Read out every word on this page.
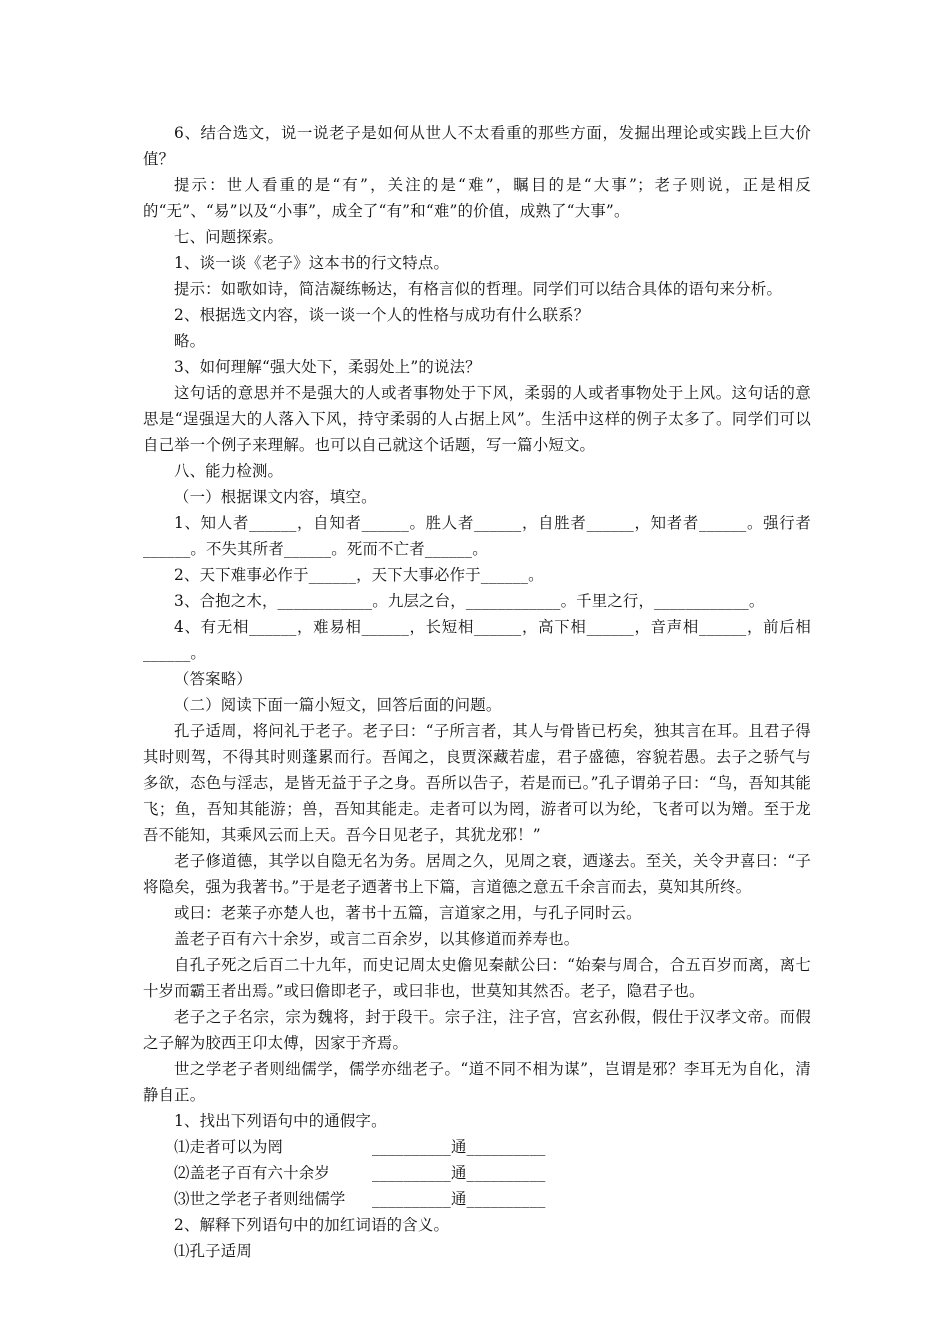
6、结合选文，说一说老子是如何从世人不太看重的那些方面，发掘出理论或实践上巨大价值？

提示：世人看重的是“有”，关注的是“难”，瞩目的是“大事”；老子则说，正是相反的“无”、“易”以及“小事”，成全了“有”和“难”的价值，成熟了“大事”。

七、问题探索。

1、谈一谈《老子》这本书的行文特点。

提示：如歌如诗，简洁凝练畅达，有格言似的哲理。同学们可以结合具体的语句来分析。

2、根据选文内容，谈一谈一个人的性格与成功有什么联系？

略。

3、如何理解“强大处下，柔弱处上”的说法？

这句话的意思并不是强大的人或者事物处于下风，柔弱的人或者事物处于上风。这句话的意思是“逞强逞大的人落入下风，持守柔弱的人占据上风”。生活中这样的例子太多了。同学们可以自己举一个例子来理解。也可以自己就这个话题，写一篇小短文。

八、能力检测。

（一）根据课文内容，填空。

1、知人者______，自知者______。胜人者______，自胜者______，知者者______。强行者______。不失其所者______。死而不亡者______。

2、天下难事必作于______，天下大事必作于______。

3、合抱之木，____________。九层之台，____________。千里之行，____________。

4、有无相______，难易相______，长短相______，高下相______，音声相______，前后相______。

（答案略）

（二）阅读下面一篇小短文，回答后面的问题。

孔子适周，将问礼于老子。老子曰：“子所言者，其人与骨皆已朽矣，独其言在耳。且君子得其时则驾，不得其时则蓬累而行。吾闻之，良贾深藏若虚，君子盛德，容貌若愚。去子之骄气与多欲，态色与淫志，是皆无益于子之身。吾所以告子，若是而已。”孔子谓弟子曰：“鸟，吾知其能飞；鱼，吾知其能游；兽，吾知其能走。走者可以为罔，游者可以为纶，飞者可以为矰。至于龙吾不能知，其乘风云而上天。吾今日见老子，其犹龙邪！”

老子修道德，其学以自隐无名为务。居周之久，见周之衰，迺遂去。至关，关令尹喜曰：“子将隐矣，强为我著书。”于是老子迺著书上下篇，言道德之意五千余言而去，莫知其所终。

或曰：老莱子亦楚人也，著书十五篇，言道家之用，与孔子同时云。

盖老子百有六十余岁，或言二百余岁，以其修道而养寿也。

自孔子死之后百二十九年，而史记周太史儋见秦献公曰：“始秦与周合，合五百岁而离，离七十岁而霸王者出焉。”或曰儋即老子，或曰非也，世莫知其然否。老子，隐君子也。

老子之子名宗，宗为魏将，封于段干。宗子注，注子宫，宫玄孙假，假仕于汉孝文帝。而假之子解为胶西王卬太傅，因家于齐焉。

世之学老子者则绌儒学，儒学亦绌老子。“道不同不相为谋”，岂谓是邪？李耳无为自化，清静自正。

1、找出下列语句中的通假字。

⑴走者可以为罔	__________通__________
⑵盖老子百有六十余岁	__________通__________
⑶世之学老子者则绌儒学	__________通__________

2、解释下列语句中的加红词语的含义。

⑴孔子适周
